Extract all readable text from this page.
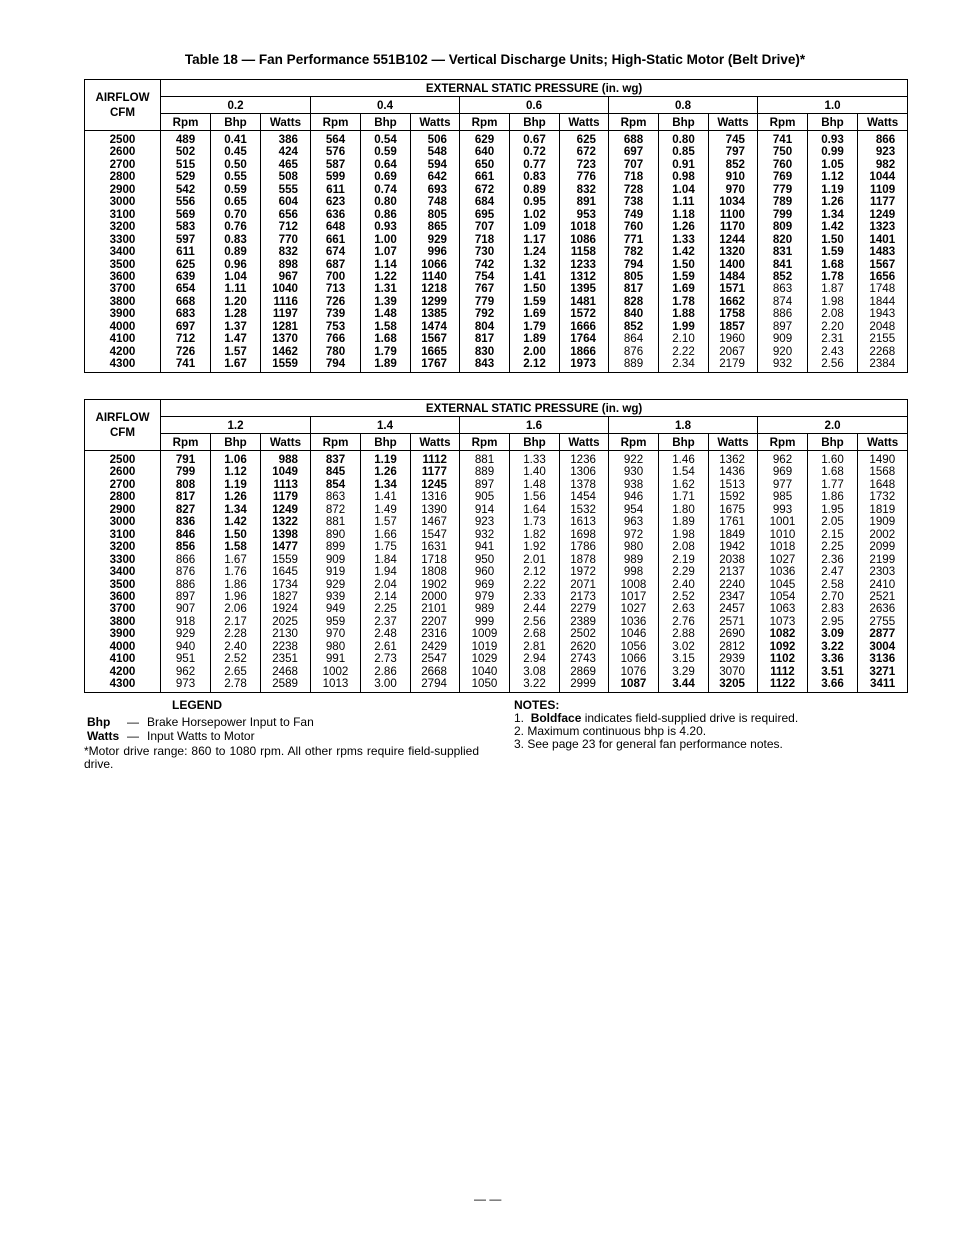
Table 18 — Fan Performance 551B102 — Vertical Discharge Units; High-Static Motor (Belt Drive)*
AIRFLOW
CFM	EXTERNAL STATIC PRESSURE (in. wg)														
	0.2			0.4			0.6			0.8			1.0		
	Rpm	Bhp	Watts	Rpm	Bhp	Watts	Rpm	Bhp	Watts	Rpm	Bhp	Watts	Rpm	Bhp	Watts
2500	489	0.41	386	564	0.54	506	629	0.67	625	688	0.80	745	741	0.93	866
2600	502	0.45	424	576	0.59	548	640	0.72	672	697	0.85	797	750	0.99	923
2700	515	0.50	465	587	0.64	594	650	0.77	723	707	0.91	852	760	1.05	982
2800	529	0.55	508	599	0.69	642	661	0.83	776	718	0.98	910	769	1.12	1044
2900	542	0.59	555	611	0.74	693	672	0.89	832	728	1.04	970	779	1.19	1109
3000	556	0.65	604	623	0.80	748	684	0.95	891	738	1.11	1034	789	1.26	1177
3100	569	0.70	656	636	0.86	805	695	1.02	953	749	1.18	1100	799	1.34	1249
3200	583	0.76	712	648	0.93	865	707	1.09	1018	760	1.26	1170	809	1.42	1323
3300	597	0.83	770	661	1.00	929	718	1.17	1086	771	1.33	1244	820	1.50	1401
3400	611	0.89	832	674	1.07	996	730	1.24	1158	782	1.42	1320	831	1.59	1483
3500	625	0.96	898	687	1.14	1066	742	1.32	1233	794	1.50	1400	841	1.68	1567
3600	639	1.04	967	700	1.22	1140	754	1.41	1312	805	1.59	1484	852	1.78	1656
3700	654	1.11	1040	713	1.31	1218	767	1.50	1395	817	1.69	1571	863	1.87	1748
3800	668	1.20	1116	726	1.39	1299	779	1.59	1481	828	1.78	1662	874	1.98	1844
3900	683	1.28	1197	739	1.48	1385	792	1.69	1572	840	1.88	1758	886	2.08	1943
4000	697	1.37	1281	753	1.58	1474	804	1.79	1666	852	1.99	1857	897	2.20	2048
4100	712	1.47	1370	766	1.68	1567	817	1.89	1764	864	2.10	1960	909	2.31	2155
4200	726	1.57	1462	780	1.79	1665	830	2.00	1866	876	2.22	2067	920	2.43	2268
4300	741	1.67	1559	794	1.89	1767	843	2.12	1973	889	2.34	2179	932	2.56	2384
AIRFLOW
CFM	EXTERNAL STATIC PRESSURE (in. wg)														
	1.2			1.4			1.6			1.8			2.0		
	Rpm	Bhp	Watts	Rpm	Bhp	Watts	Rpm	Bhp	Watts	Rpm	Bhp	Watts	Rpm	Bhp	Watts
2500	791	1.06	988	837	1.19	1112	881	1.33	1236	922	1.46	1362	962	1.60	1490
2600	799	1.12	1049	845	1.26	1177	889	1.40	1306	930	1.54	1436	969	1.68	1568
2700	808	1.19	1113	854	1.34	1245	897	1.48	1378	938	1.62	1513	977	1.77	1648
2800	817	1.26	1179	863	1.41	1316	905	1.56	1454	946	1.71	1592	985	1.86	1732
2900	827	1.34	1249	872	1.49	1390	914	1.64	1532	954	1.80	1675	993	1.95	1819
3000	836	1.42	1322	881	1.57	1467	923	1.73	1613	963	1.89	1761	1001	2.05	1909
3100	846	1.50	1398	890	1.66	1547	932	1.82	1698	972	1.98	1849	1010	2.15	2002
3200	856	1.58	1477	899	1.75	1631	941	1.92	1786	980	2.08	1942	1018	2.25	2099
3300	866	1.67	1559	909	1.84	1718	950	2.01	1878	989	2.19	2038	1027	2.36	2199
3400	876	1.76	1645	919	1.94	1808	960	2.12	1972	998	2.29	2137	1036	2.47	2303
3500	886	1.86	1734	929	2.04	1902	969	2.22	2071	1008	2.40	2240	1045	2.58	2410
3600	897	1.96	1827	939	2.14	2000	979	2.33	2173	1017	2.52	2347	1054	2.70	2521
3700	907	2.06	1924	949	2.25	2101	989	2.44	2279	1027	2.63	2457	1063	2.83	2636
3800	918	2.17	2025	959	2.37	2207	999	2.56	2389	1036	2.76	2571	1073	2.95	2755
3900	929	2.28	2130	970	2.48	2316	1009	2.68	2502	1046	2.88	2690	1082	3.09	2877
4000	940	2.40	2238	980	2.61	2429	1019	2.81	2620	1056	3.02	2812	1092	3.22	3004
4100	951	2.52	2351	991	2.73	2547	1029	2.94	2743	1066	3.15	2939	1102	3.36	3136
4200	962	2.65	2468	1002	2.86	2668	1040	3.08	2869	1076	3.29	3070	1112	3.51	3271
4300	973	2.78	2589	1013	3.00	2794	1050	3.22	2999	1087	3.44	3205	1122	3.66	3411
LEGEND
Bhp — Brake Horsepower Input to Fan
Watts — Input Watts to Motor
*Motor drive range: 860 to 1080 rpm. All other rpms require field-supplied drive.
NOTES:
1. Boldface indicates field-supplied drive is required.
2. Maximum continuous bhp is 4.20.
3. See page 23 for general fan performance notes.
— —
